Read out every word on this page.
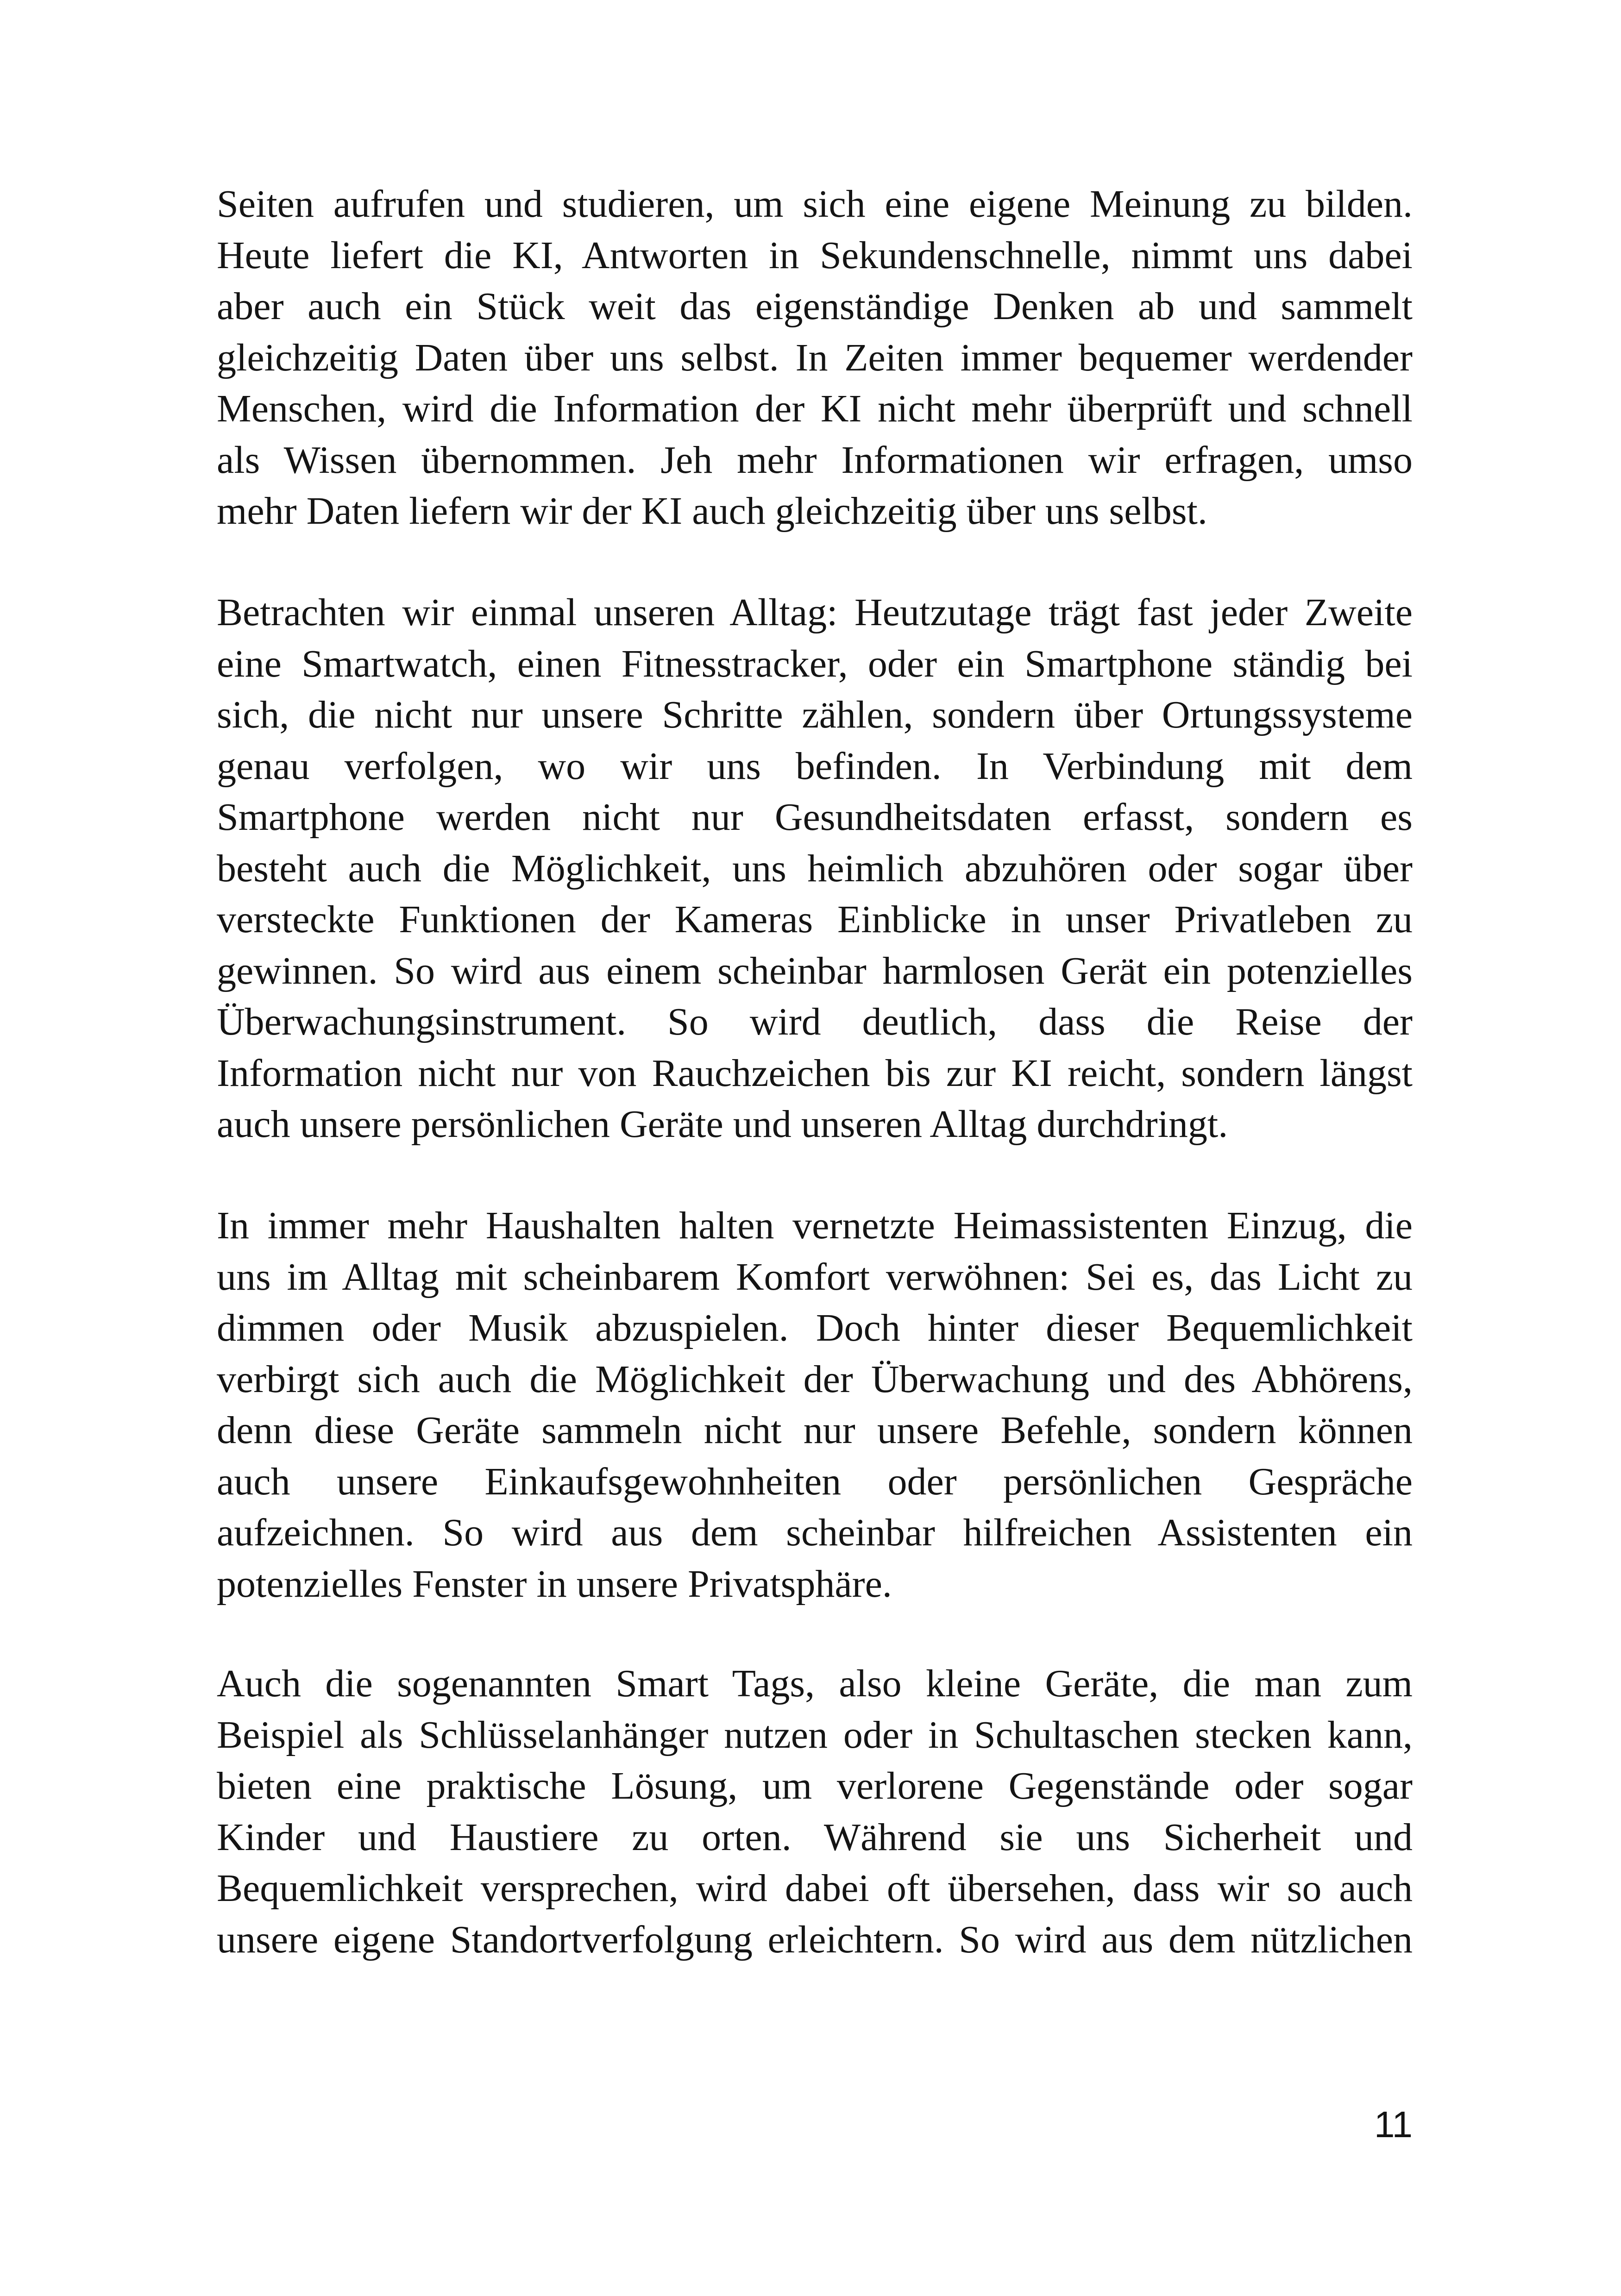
Seiten aufrufen und studieren, um sich eine eigene Meinung zu bilden.
Heute liefert die KI, Antworten in Sekundenschnelle, nimmt uns dabei
aber auch ein Stück weit das eigenständige Denken ab und sammelt
gleichzeitig Daten über uns selbst. In Zeiten immer bequemer werdender
Menschen, wird die Information der KI nicht mehr überprüft und schnell
als Wissen übernommen. Jeh mehr Informationen wir erfragen, umso
mehr Daten liefern wir der KI auch gleichzeitig über uns selbst.
Betrachten wir einmal unseren Alltag: Heutzutage trägt fast jeder Zweite
eine Smartwatch, einen Fitnesstracker, oder ein Smartphone ständig bei
sich, die nicht nur unsere Schritte zählen, sondern über Ortungssysteme
genau verfolgen, wo wir uns befinden. In Verbindung mit dem
Smartphone werden nicht nur Gesundheitsdaten erfasst, sondern es
besteht auch die Möglichkeit, uns heimlich abzuhören oder sogar über
versteckte Funktionen der Kameras Einblicke in unser Privatleben zu
gewinnen. So wird aus einem scheinbar harmlosen Gerät ein potenzielles
Überwachungsinstrument. So wird deutlich, dass die Reise der
Information nicht nur von Rauchzeichen bis zur KI reicht, sondern längst
auch unsere persönlichen Geräte und unseren Alltag durchdringt.
In immer mehr Haushalten halten vernetzte Heimassistenten Einzug, die
uns im Alltag mit scheinbarem Komfort verwöhnen: Sei es, das Licht zu
dimmen oder Musik abzuspielen. Doch hinter dieser Bequemlichkeit
verbirgt sich auch die Möglichkeit der Überwachung und des Abhörens,
denn diese Geräte sammeln nicht nur unsere Befehle, sondern können
auch unsere Einkaufsgewohnheiten oder persönlichen Gespräche
aufzeichnen. So wird aus dem scheinbar hilfreichen Assistenten ein
potenzielles Fenster in unsere Privatsphäre.
Auch die sogenannten Smart Tags, also kleine Geräte, die man zum
Beispiel als Schlüsselanhänger nutzen oder in Schultaschen stecken kann,
bieten eine praktische Lösung, um verlorene Gegenstände oder sogar
Kinder und Haustiere zu orten. Während sie uns Sicherheit und
Bequemlichkeit versprechen, wird dabei oft übersehen, dass wir so auch
unsere eigene Standortverfolgung erleichtern. So wird aus dem nützlichen
11
